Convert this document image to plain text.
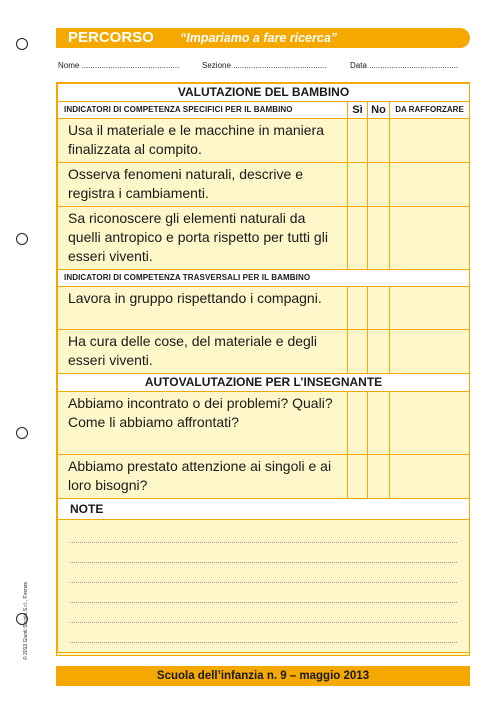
PERCORSO “Impariamo a fare ricerca”
Nome ............................................	Sezione ..........................................	Data ........................................
VALUTAZIONE DEL BAMBINO			
INDICATORI DI COMPETENZA SPECIFICI PER IL BAMBINO	Sì	No	DA RAFFORZARE
Usa il materiale e le macchine in maniera finalizzata al compito.			
Osserva fenomeni naturali, descrive e registra i cambiamenti.			
Sa riconoscere gli elementi naturali da quelli antropico e porta rispetto per tutti gli esseri viventi.			
INDICATORI DI COMPETENZA TRASVERSALI PER IL BAMBINO			
Lavora in gruppo rispettando i compagni.			
Ha cura delle cose, del materiale e degli esseri viventi.			
AUTOVALUTAZIONE PER L’INSEGNANTE			
Abbiamo incontrato o dei problemi? Quali? Come li abbiamo affrontati?			
Abbiamo prestato attenzione ai singoli e ai loro bisogni?			
NOTE			

Scuola dell’infanzia n. 9 – maggio 2013
© 2013 Giunti Scuola S.r.l., Firenze
